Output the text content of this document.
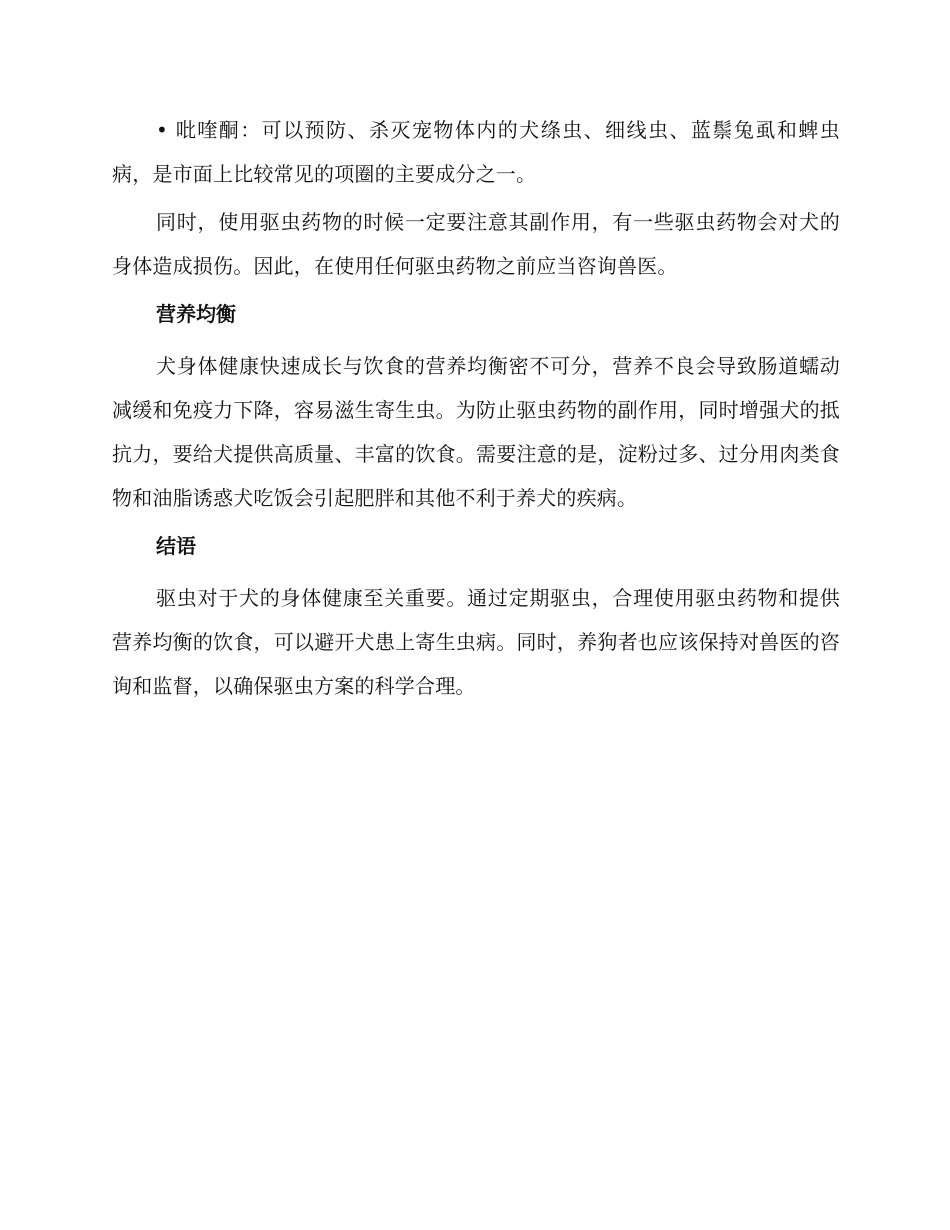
• 吡喹酮：可以预防、杀灭宠物体内的犬绦虫、细线虫、蓝鬃兔虱和蜱虫病，是市面上比较常见的项圈的主要成分之一。

同时，使用驱虫药物的时候一定要注意其副作用，有一些驱虫药物会对犬的身体造成损伤。因此，在使用任何驱虫药物之前应当咨询兽医。

营养均衡

犬身体健康快速成长与饮食的营养均衡密不可分，营养不良会导致肠道蠕动减缓和免疫力下降，容易滋生寄生虫。为防止驱虫药物的副作用，同时增强犬的抵抗力，要给犬提供高质量、丰富的饮食。需要注意的是，淀粉过多、过分用肉类食物和油脂诱惑犬吃饭会引起肥胖和其他不利于养犬的疾病。

结语

驱虫对于犬的身体健康至关重要。通过定期驱虫，合理使用驱虫药物和提供营养均衡的饮食，可以避开犬患上寄生虫病。同时，养狗者也应该保持对兽医的咨询和监督，以确保驱虫方案的科学合理。
